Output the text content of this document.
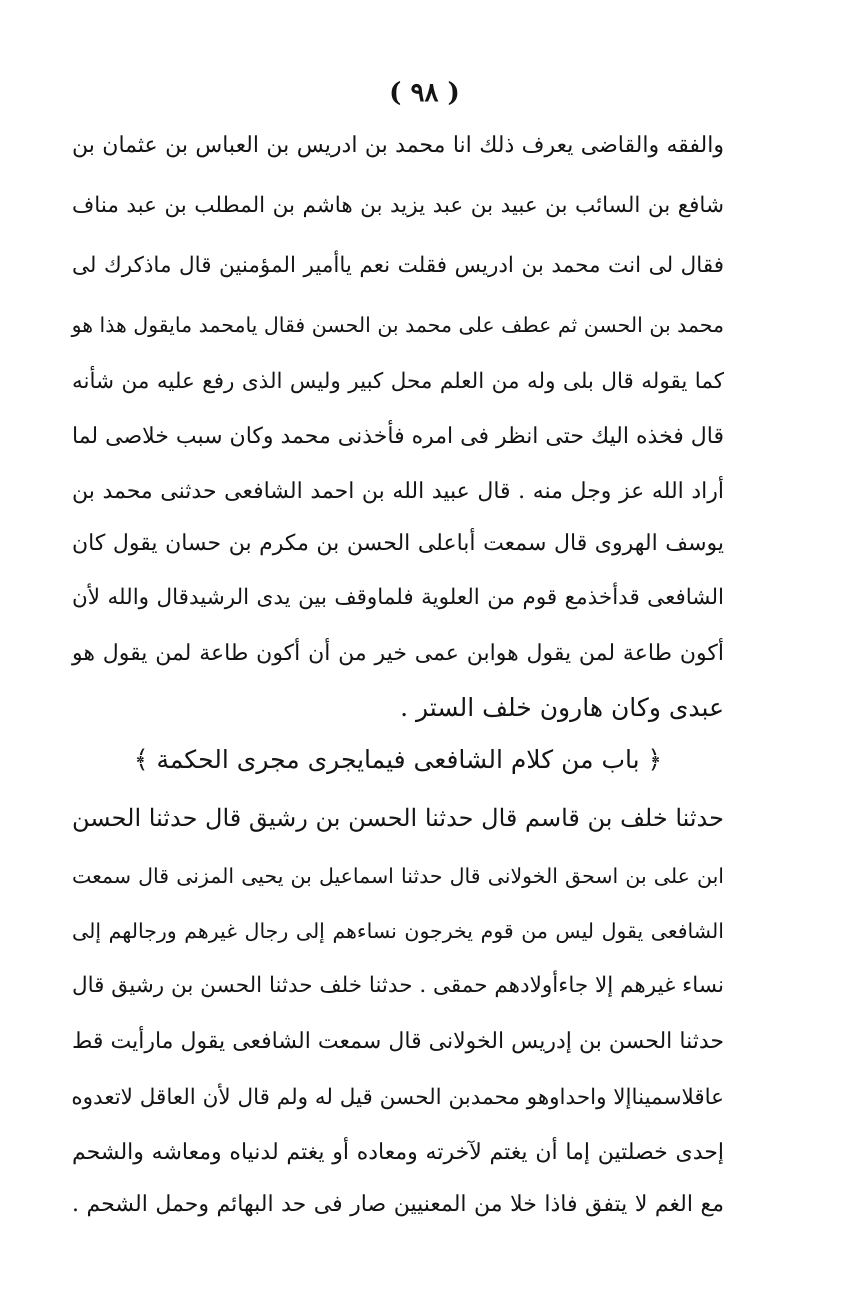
( ٩٨ )
والفقه والقاضى يعرف ذلك انا محمد بن ادريس بن العباس بن عثمان بن
شافع بن السائب بن عبيد بن عبد يزيد بن هاشم بن المطلب بن عبد مناف
فقال لى انت محمد بن ادريس فقلت نعم ياأمير المؤمنين قال ماذكرك لى
محمد بن الحسن ثم عطف على محمد بن الحسن فقال يامحمد مايقول هذا هو
كما يقوله قال بلى وله من العلم محل كبير وليس الذى رفع عليه من شأنه
قال فخذه اليك حتى انظر فى امره فأخذنى محمد وكان سبب خلاصى لما
أراد الله عز وجل منه . قال عبيد الله بن احمد الشافعى حدثنى محمد بن
يوسف الهروى قال سمعت أباعلى الحسن بن مكرم بن حسان يقول كان
الشافعى قدأخذمع قوم من العلوية فلماوقف بين يدى الرشيدقال والله لأن
أكون طاعة لمن يقول هوابن عمى خير من أن أكون طاعة لمن يقول هو
عبدى وكان هارون خلف الستر .
﴿ باب من كلام الشافعى فيمايجرى مجرى الحكمة ﴾
حدثنا خلف بن قاسم قال حدثنا الحسن بن رشيق قال حدثنا الحسن
ابن على بن اسحق الخولانى قال حدثنا اسماعيل بن يحيى المزنى قال سمعت
الشافعى يقول ليس من قوم يخرجون نساءهم إلى رجال غيرهم ورجالهم إلى
نساء غيرهم إلا جاءأولادهم حمقى . حدثنا خلف حدثنا الحسن بن رشيق قال
حدثنا الحسن بن إدريس الخولانى قال سمعت الشافعى يقول مارأيت قط
عاقلاسميناإلا واحداوهو محمدبن الحسن قيل له ولم قال لأن العاقل لاتعدوه
إحدى خصلتين إما أن يغتم لآخرته ومعاده أو يغتم لدنياه ومعاشه والشحم
مع الغم لا يتفق فاذا خلا من المعنيين صار فى حد البهائم وحمل الشحم .
